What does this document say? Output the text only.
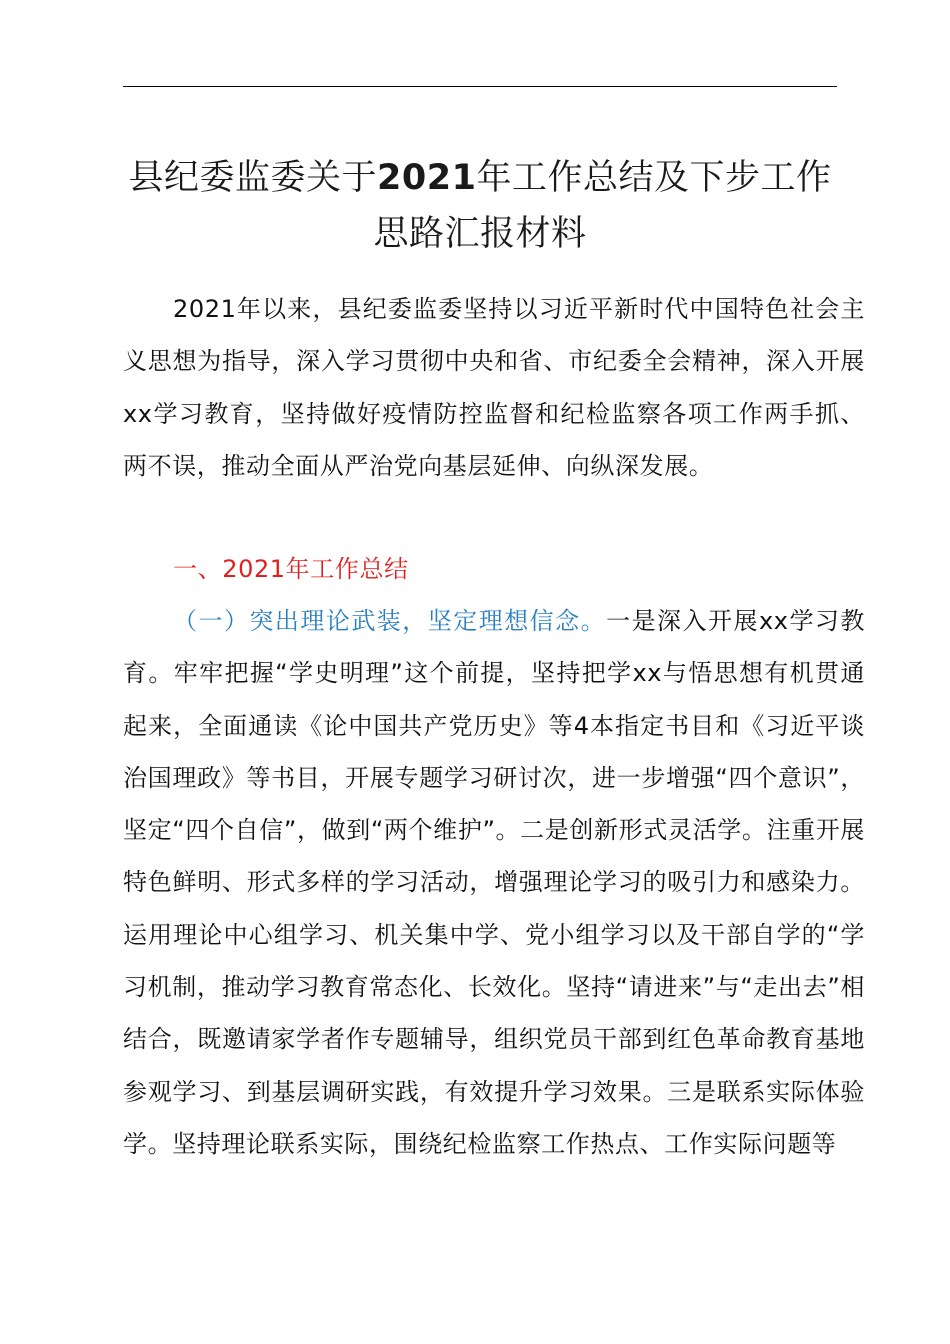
县纪委监委关于2021年工作总结及下步工作
思路汇报材料

2021年以来，县纪委监委坚持以习近平新时代中国特色社会主义思想为指导，深入学习贯彻中央和省、市纪委全会精神，深入开展xx学习教育，坚持做好疫情防控监督和纪检监察各项工作两手抓、两不误，推动全面从严治党向基层延伸、向纵深发展。

一、2021年工作总结

（一）突出理论武装，坚定理想信念。一是深入开展xx学习教育。牢牢把握“学史明理”这个前提，坚持把学xx与悟思想有机贯通起来，全面通读《论中国共产党历史》等4本指定书目和《习近平谈治国理政》等书目，开展专题学习研讨次，进一步增强“四个意识”，坚定“四个自信”，做到“两个维护”。二是创新形式灵活学。注重开展特色鲜明、形式多样的学习活动，增强理论学习的吸引力和感染力。运用理论中心组学习、机关集中学、党小组学习以及干部自学的“学习机制，推动学习教育常态化、长效化。坚持“请进来”与“走出去”相结合，既邀请家学者作专题辅导，组织党员干部到红色革命教育基地参观学习、到基层调研实践，有效提升学习效果。三是联系实际体验学。坚持理论联系实际，围绕纪检监察工作热点、工作实际问题等
